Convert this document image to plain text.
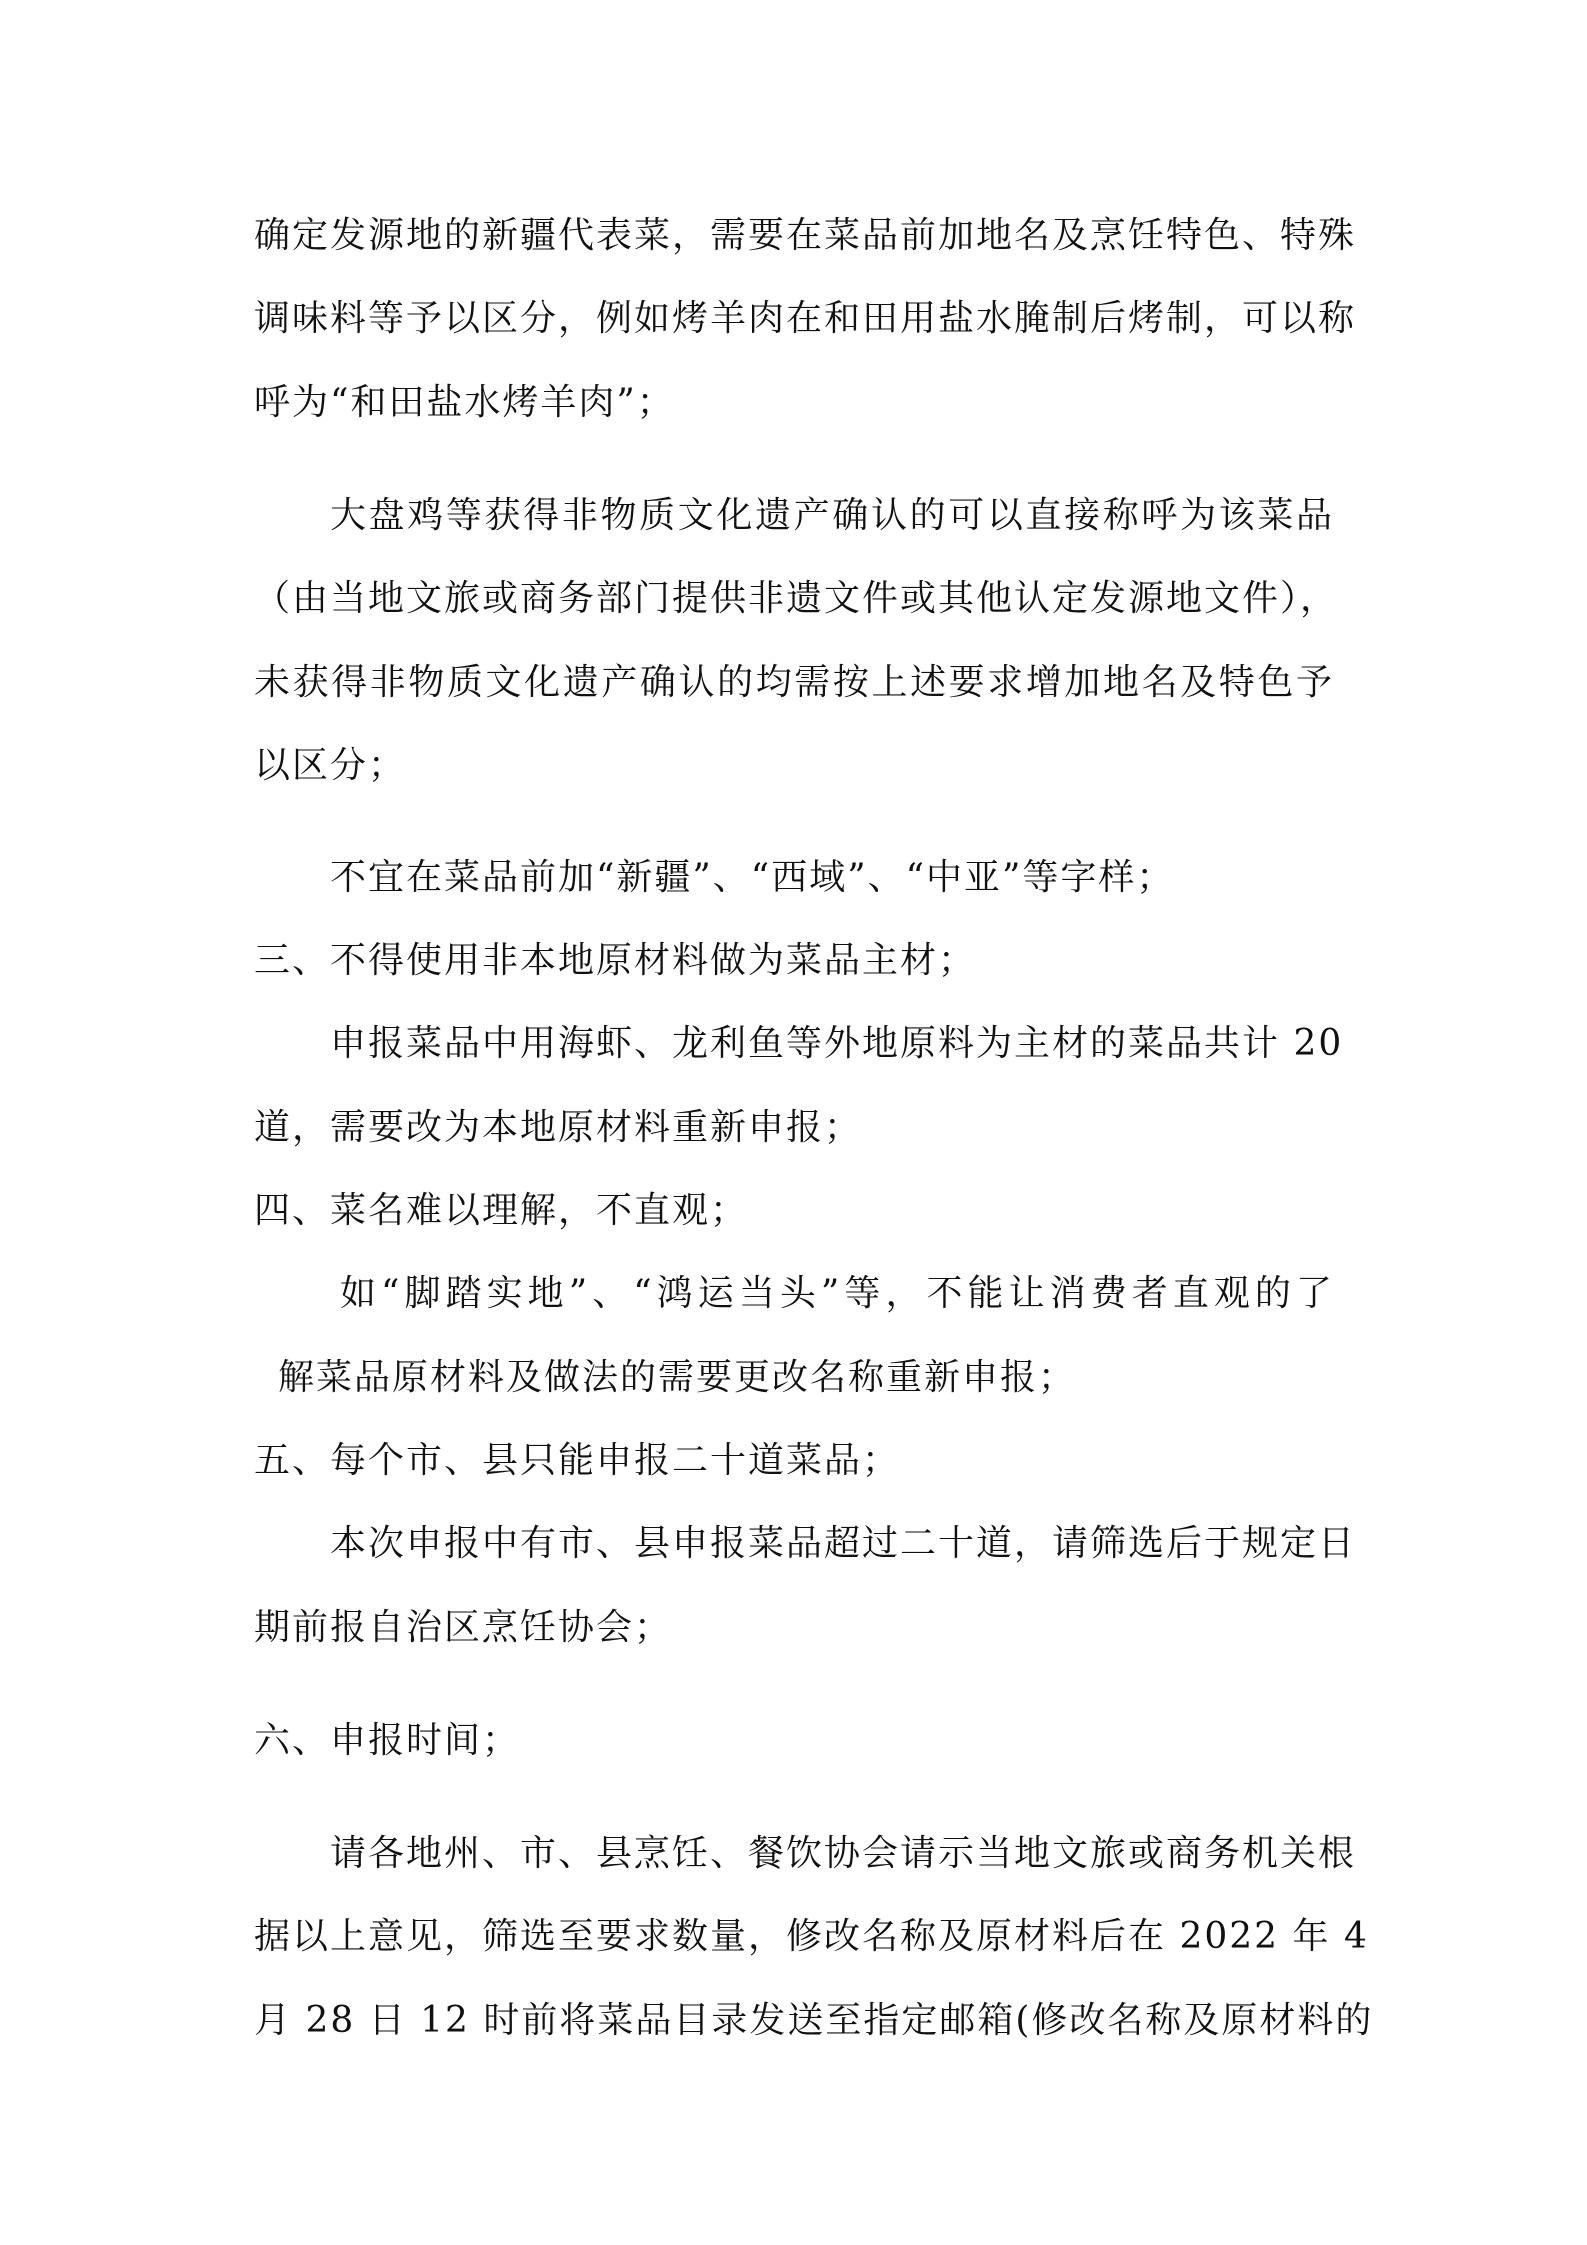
确定发源地的新疆代表菜，需要在菜品前加地名及烹饪特色、特殊
调味料等予以区分，例如烤羊肉在和田用盐水腌制后烤制，可以称
呼为“和田盐水烤羊肉”；
大盘鸡等获得非物质文化遗产确认的可以直接称呼为该菜品
（由当地文旅或商务部门提供非遗文件或其他认定发源地文件），
未获得非物质文化遗产确认的均需按上述要求增加地名及特色予
以区分；
不宜在菜品前加“新疆”、“西域”、“中亚”等字样；
三、不得使用非本地原材料做为菜品主材；
申报菜品中用海虾、龙利鱼等外地原料为主材的菜品共计 20
道，需要改为本地原材料重新申报；
四、菜名难以理解，不直观；
如“脚踏实地”、“鸿运当头”等，不能让消费者直观的了
解菜品原材料及做法的需要更改名称重新申报；
五、每个市、县只能申报二十道菜品；
本次申报中有市、县申报菜品超过二十道，请筛选后于规定日
期前报自治区烹饪协会；
六、申报时间；
请各地州、市、县烹饪、餐饮协会请示当地文旅或商务机关根
据以上意见，筛选至要求数量，修改名称及原材料后在 2022 年 4
月 28 日 12 时前将菜品目录发送至指定邮箱(修改名称及原材料的
